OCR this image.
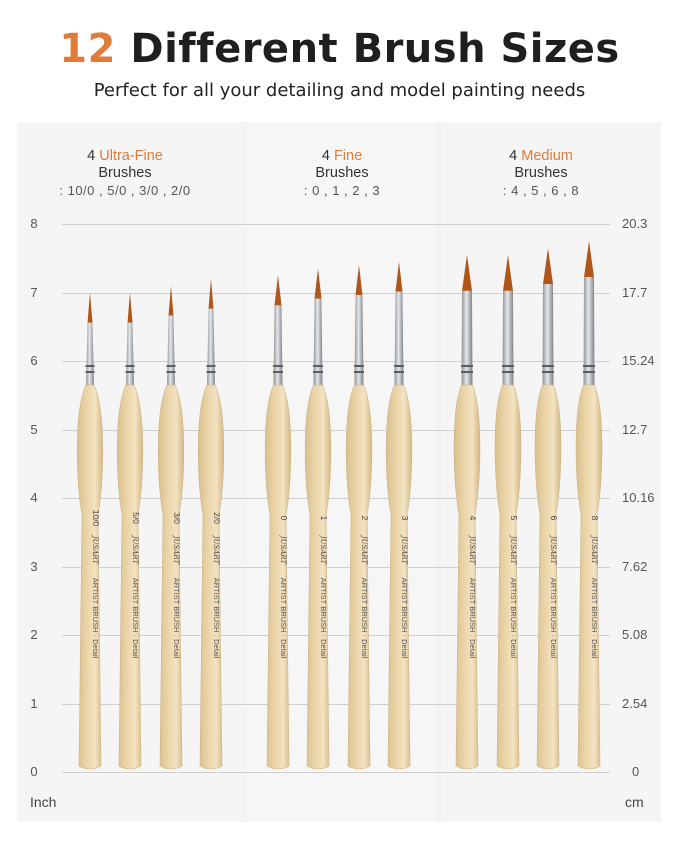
12 Different Brush Sizes
Perfect for all your detailing and model painting needs
4 Ultra-Fine
Brushes
: 10/0 , 5/0 , 3/0 , 2/0
4 Fine
Brushes
: 0 , 1 , 2 , 3
4 Medium
Brushes
: 4 , 5 , 6 , 8
10/0
JUSART
ARTIST BRUSH · Detail
5/0
JUSART
ARTIST BRUSH · Detail
3/0
JUSART
ARTIST BRUSH · Detail
2/0
JUSART
ARTIST BRUSH · Detail
0
JUSART
ARTIST BRUSH · Detail
1
JUSART
ARTIST BRUSH · Detail
2
JUSART
ARTIST BRUSH · Detail
3
JUSART
ARTIST BRUSH · Detail
4
JUSART
ARTIST BRUSH · Detail
5
JUSART
ARTIST BRUSH · Detail
6
JUSART
ARTIST BRUSH · Detail
8
JUSART
ARTIST BRUSH · Detail
8	20.3
7	17.7
6	15.24
5	12.7
4	10.16
3	7.62
2	5.08
1	2.54
0	0
Inch	cm
